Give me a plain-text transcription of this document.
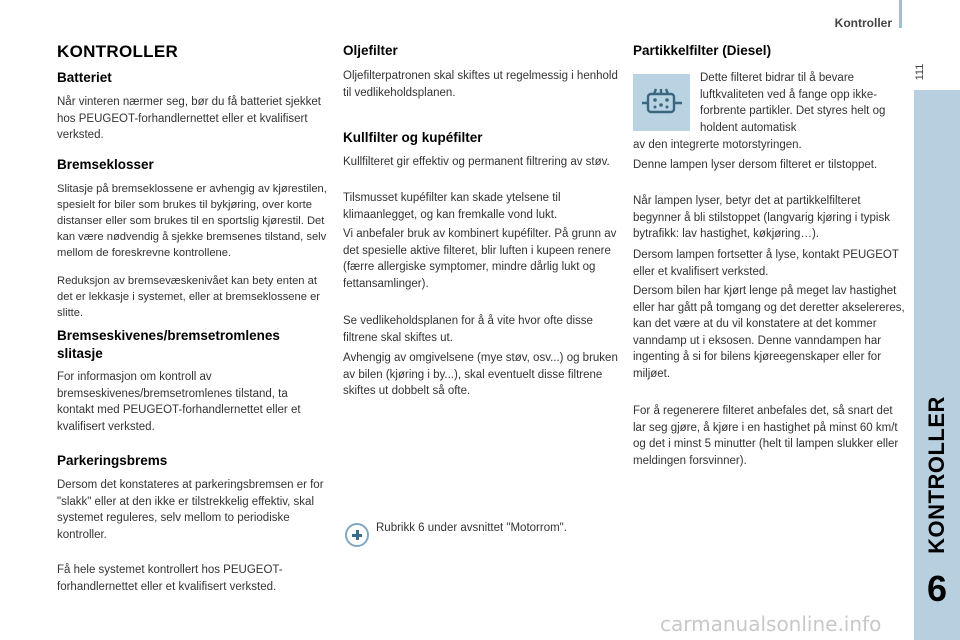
Kontroller
111
KONTROLLER
6
KONTROLLER
Batteriet

Når vinteren nærmer seg, bør du få batteriet sjekket hos PEUGEOT-forhandlernettet eller et kvalifisert verksted.

Bremseklosser

Slitasje på bremseklossene er avhengig av kjørestilen, spesielt for biler som brukes til bykjøring, over korte distanser eller som brukes til en sportslig kjørestil. Det kan være nødvendig å sjekke bremsenes tilstand, selv mellom de foreskrevne kontrollene.

Reduksjon av bremsevæskenivået kan bety enten at det er lekkasje i systemet, eller at bremseklossene er slitte.

Bremseskivenes/bremsetromlenes slitasje

For informasjon om kontroll av bremseskivenes/bremsetromlenes tilstand, ta kontakt med PEUGEOT-forhandlernettet eller et kvalifisert verksted.

Parkeringsbrems

Dersom det konstateres at parkeringsbremsen er for "slakk" eller at den ikke er tilstrekkelig effektiv, skal systemet reguleres, selv mellom to periodiske kontroller.

Få hele systemet kontrollert hos PEUGEOT-forhandlernettet eller et kvalifisert verksted.

Oljefilter

Oljefilterpatronen skal skiftes ut regelmessig i henhold til vedlikeholdsplanen.

Kullfilter og kupéfilter

Kullfilteret gir effektiv og permanent filtrering av støv.

Tilsmusset kupéfilter kan skade ytelsene til klimaanlegget, og kan fremkalle vond lukt.

Vi anbefaler bruk av kombinert kupéfilter. På grunn av det spesielle aktive filteret, blir luften i kupeen renere (færre allergiske symptomer, mindre dårlig lukt og fettansamlinger).

Se vedlikeholdsplanen for å å vite hvor ofte disse filtrene skal skiftes ut.

Avhengig av omgivelsene (mye støv, osv...) og bruken av bilen (kjøring i by...), skal eventuelt disse filtrene skiftes ut dobbelt så ofte.

Rubrikk 6 under avsnittet "Motorrom".
Partikkelfilter (Diesel)

Dette filteret bidrar til å bevare luftkvaliteten ved å fange opp ikke-forbrente partikler. Det styres helt og holdent automatisk

av den integrerte motorstyringen.

Denne lampen lyser dersom filteret er tilstoppet.

Når lampen lyser, betyr det at partikkelfilteret begynner å bli stilstoppet (langvarig kjøring i typisk bytrafikk: lav hastighet, køkjøring…).

Dersom lampen fortsetter å lyse, kontakt PEUGEOT eller et kvalifisert verksted.

Dersom bilen har kjørt lenge på meget lav hastighet eller har gått på tomgang og det deretter akselereres, kan det være at du vil konstatere at det kommer vanndamp ut i eksosen. Denne vanndampen har ingenting å si for bilens kjøreegenskaper eller for miljøet.

For å regenerere filteret anbefales det, så snart det lar seg gjøre, å kjøre i en hastighet på minst 60 km/t og det i minst 5 minutter (helt til lampen slukker eller meldingen forsvinner).

carmanualsonline.info
